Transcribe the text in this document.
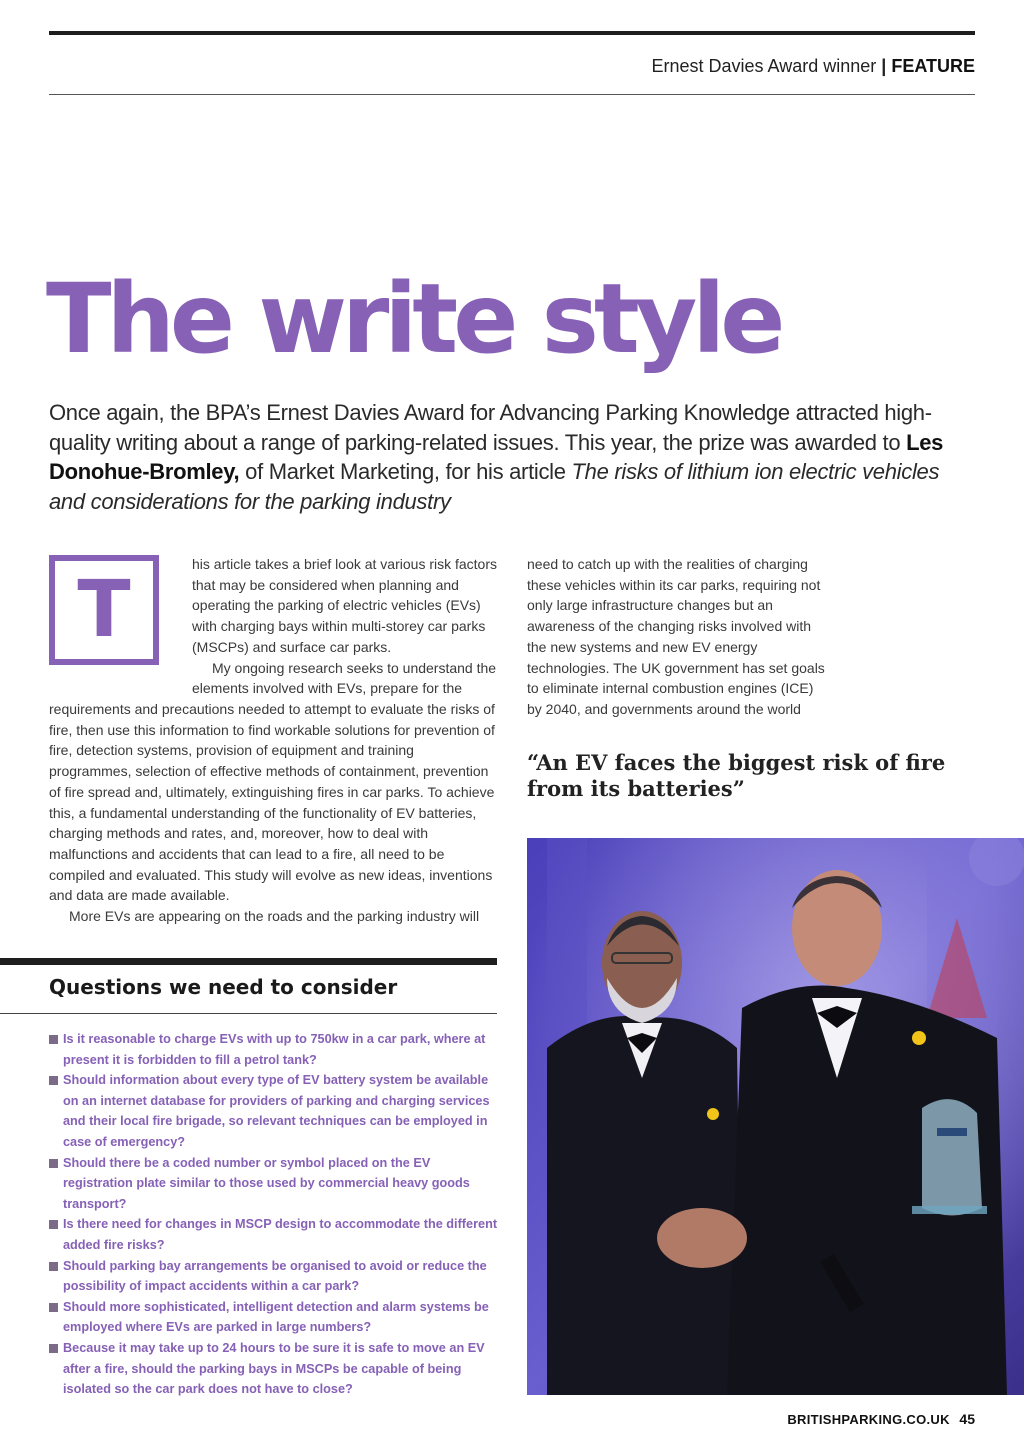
Ernest Davies Award winner | FEATURE
The write style

Once again, the BPA’s Ernest Davies Award for Advancing Parking Knowledge attracted high-quality writing about a range of parking-related issues. This year, the prize was awarded to Les Donohue-Bromley, of Market Marketing, for his article The risks of lithium ion electric vehicles and considerations for the parking industry

T

his article takes a brief look at various risk factors that may be considered when planning and operating the parking of electric vehicles (EVs) with charging bays within multi-storey car parks (MSCPs) and surface car parks.

My ongoing research seeks to understand the elements involved with EVs, prepare for the

requirements and precautions needed to attempt to evaluate the risks of fire, then use this information to find workable solutions for prevention of fire, detection systems, provision of equipment and training programmes, selection of effective methods of containment, prevention of fire spread and, ultimately, extinguishing fires in car parks. To achieve this, a fundamental understanding of the functionality of EV batteries, charging methods and rates, and, moreover, how to deal with malfunctions and accidents that can lead to a fire, all need to be compiled and evaluated. This study will evolve as new ideas, inventions and data are made available.

More EVs are appearing on the roads and the parking industry will

need to catch up with the realities of charging these vehicles within its car parks, requiring not only large infrastructure changes but an awareness of the changing risks involved with the new systems and new EV energy technologies. The UK government has set goals to eliminate internal combustion engines (ICE) by 2040, and governments around the world

“An EV faces the biggest risk of fire from its batteries”

Questions we need to consider
Is it reasonable to charge EVs with up to 750kw in a car park, where at present it is forbidden to fill a petrol tank?
Should information about every type of EV battery system be available on an internet database for providers of parking and charging services and their local fire brigade, so relevant techniques can be employed in case of emergency?
Should there be a coded number or symbol placed on the EV registration plate similar to those used by commercial heavy goods transport?
Is there need for changes in MSCP design to accommodate the different added fire risks?
Should parking bay arrangements be organised to avoid or reduce the possibility of impact accidents within a car park?
Should more sophisticated, intelligent detection and alarm systems be employed where EVs are parked in large numbers?
Because it may take up to 24 hours to be sure it is safe to move an EV after a fire, should the parking bays in MSCPs be capable of being isolated so the car park does not have to close?
BRITISHPARKING.CO.UK 45
